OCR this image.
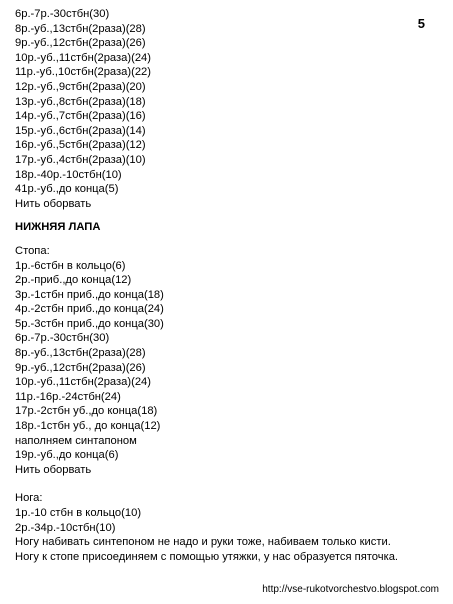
5
6р.-7р.-30стбн(30)
8р.-уб.,13стбн(2раза)(28)
9р.-уб.,12стбн(2раза)(26)
10р.-уб.,11стбн(2раза)(24)
11р.-уб.,10стбн(2раза)(22)
12р.-уб.,9стбн(2раза)(20)
13р.-уб.,8стбн(2раза)(18)
14р.-уб.,7стбн(2раза)(16)
15р.-уб.,6стбн(2раза)(14)
16р.-уб.,5стбн(2раза)(12)
17р.-уб.,4стбн(2раза)(10)
18р.-40р.-10стбн(10)
41р.-уб.,до конца(5)
Нить оборвать
НИЖНЯЯ ЛАПА
Стопа:
1р.-6стбн в кольцо(6)
2р.-приб.,до конца(12)
3р.-1стбн приб.,до конца(18)
4р.-2стбн приб.,до конца(24)
5р.-3стбн приб.,до конца(30)
6р.-7р.-30стбн(30)
8р.-уб.,13стбн(2раза)(28)
9р.-уб.,12стбн(2раза)(26)
10р.-уб.,11стбн(2раза)(24)
11р.-16р.-24стбн(24)
17р.-2стбн уб.,до конца(18)
18р.-1стбн уб., до конца(12)
наполняем синтапоном
19р.-уб.,до конца(6)
Нить оборвать
Нога:
1р.-10 стбн в кольцо(10)
2р.-34р.-10стбн(10)
Ногу набивать синтепоном не надо и руки тоже, набиваем только кисти.
Ногу к стопе присоединяем с помощью утяжки, у нас образуется пяточка.
http://vse-rukotvorchestvo.blogspot.com
